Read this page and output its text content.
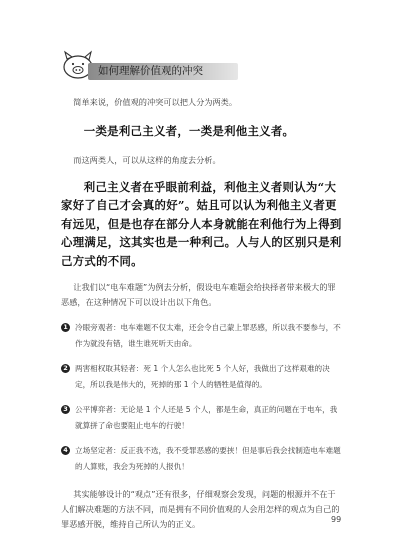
如何理解价值观的冲突

简单来说，价值观的冲突可以把人分为两类。

一类是利己主义者，一类是利他主义者。

而这两类人，可以从这样的角度去分析。

利己主义者在乎眼前利益，利他主义者则认为“大家好了自己才会真的好”。姑且可以认为利他主义者更有远见，但是也存在部分人本身就能在利他行为上得到心理满足，这其实也是一种利己。人与人的区别只是利己方式的不同。

让我们以“电车难题”为例去分析，假设电车难题会给抉择者带来极大的罪恶感，在这种情况下可以设计出以下角色。

1 冷眼旁观者：电车难题不仅太难，还会令自己蒙上罪恶感，所以我不要参与，不作为就没有错，谁生谁死听天由命。
2 两害相权取其轻者：死 1 个人怎么也比死 5 个人好，我做出了这样艰难的决定，所以我是伟大的，死掉的那 1 个人的牺牲是值得的。
3 公平博弈者：无论是 1 个人还是 5 个人，都是生命，真正的问题在于电车，我就算拼了命也要阻止电车的行驶！
4 立场坚定者：反正我不选，我不受罪恶感的要挟！但是事后我会找制造电车难题的人算账，我会为死掉的人报仇！

其实能够设计的“观点”还有很多，仔细观察会发现，问题的根源并不在于人们解决难题的方法不同，而是拥有不同价值观的人会用怎样的观点为自己的罪恶感开脱，维持自己所认为的正义。	99
